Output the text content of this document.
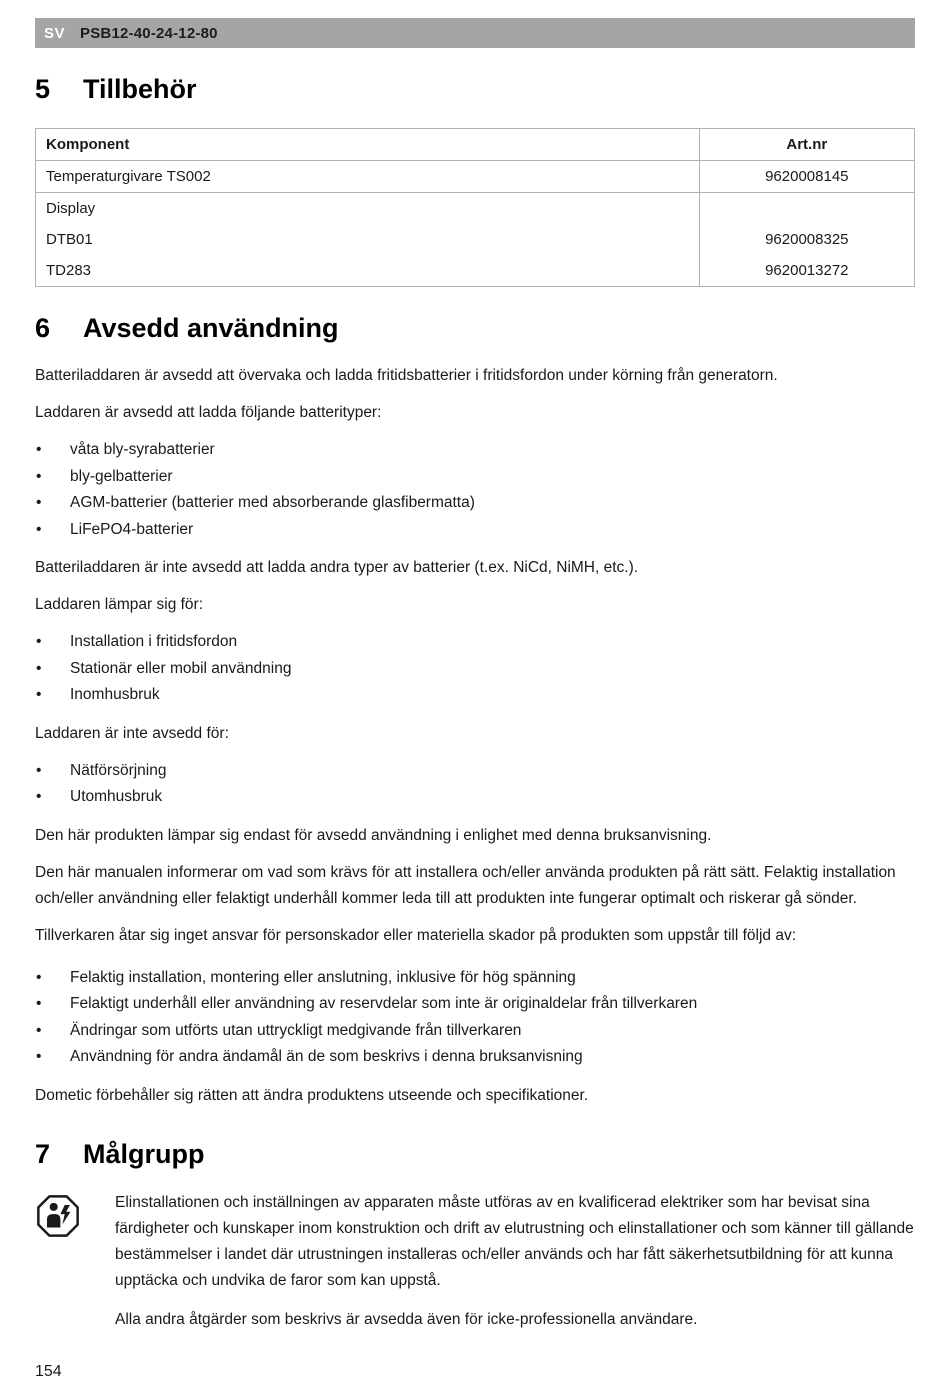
SV PSB12-40-24-12-80
5	Tillbehör
Komponent	Art.nr
Temperaturgivare TS002	9620008145
Display	
DTB01	9620008325
TD283	9620013272
6	Avsedd användning

Batteriladdaren är avsedd att övervaka och ladda fritidsbatterier i fritidsfordon under körning från generatorn.

Laddaren är avsedd att ladda följande batterityper:

• våta bly-syrabatterier
• bly-gelbatterier
• AGM-batterier (batterier med absorberande glasfibermatta)
• LiFePO4-batterier

Batteriladdaren är inte avsedd att ladda andra typer av batterier (t.ex. NiCd, NiMH, etc.).

Laddaren lämpar sig för:

• Installation i fritidsfordon
• Stationär eller mobil användning
• Inomhusbruk

Laddaren är inte avsedd för:

• Nätförsörjning
• Utomhusbruk

Den här produkten lämpar sig endast för avsedd användning i enlighet med denna bruksanvisning.

Den här manualen informerar om vad som krävs för att installera och/eller använda produkten på rätt sätt. Felaktig installation och/eller användning eller felaktigt underhåll kommer leda till att produkten inte fungerar optimalt och riskerar gå sönder.

Tillverkaren åtar sig inget ansvar för personskador eller materiella skador på produkten som uppstår till följd av:

• Felaktig installation, montering eller anslutning, inklusive för hög spänning
• Felaktigt underhåll eller användning av reservdelar som inte är originaldelar från tillverkaren
• Ändringar som utförts utan uttryckligt medgivande från tillverkaren
• Användning för andra ändamål än de som beskrivs i denna bruksanvisning

Dometic förbehåller sig rätten att ändra produktens utseende och specifikationer.

7	Målgrupp

Elinstallationen och inställningen av apparaten måste utföras av en kvalificerad elektriker som har bevisat sina färdigheter och kunskaper inom konstruktion och drift av elutrustning och elinstallationer och som känner till gällande bestämmelser i landet där utrustningen installeras och/eller används och har fått säkerhetsutbildning för att kunna upptäcka och undvika de faror som kan uppstå.

Alla andra åtgärder som beskrivs är avsedda även för icke-professionella användare.

154
